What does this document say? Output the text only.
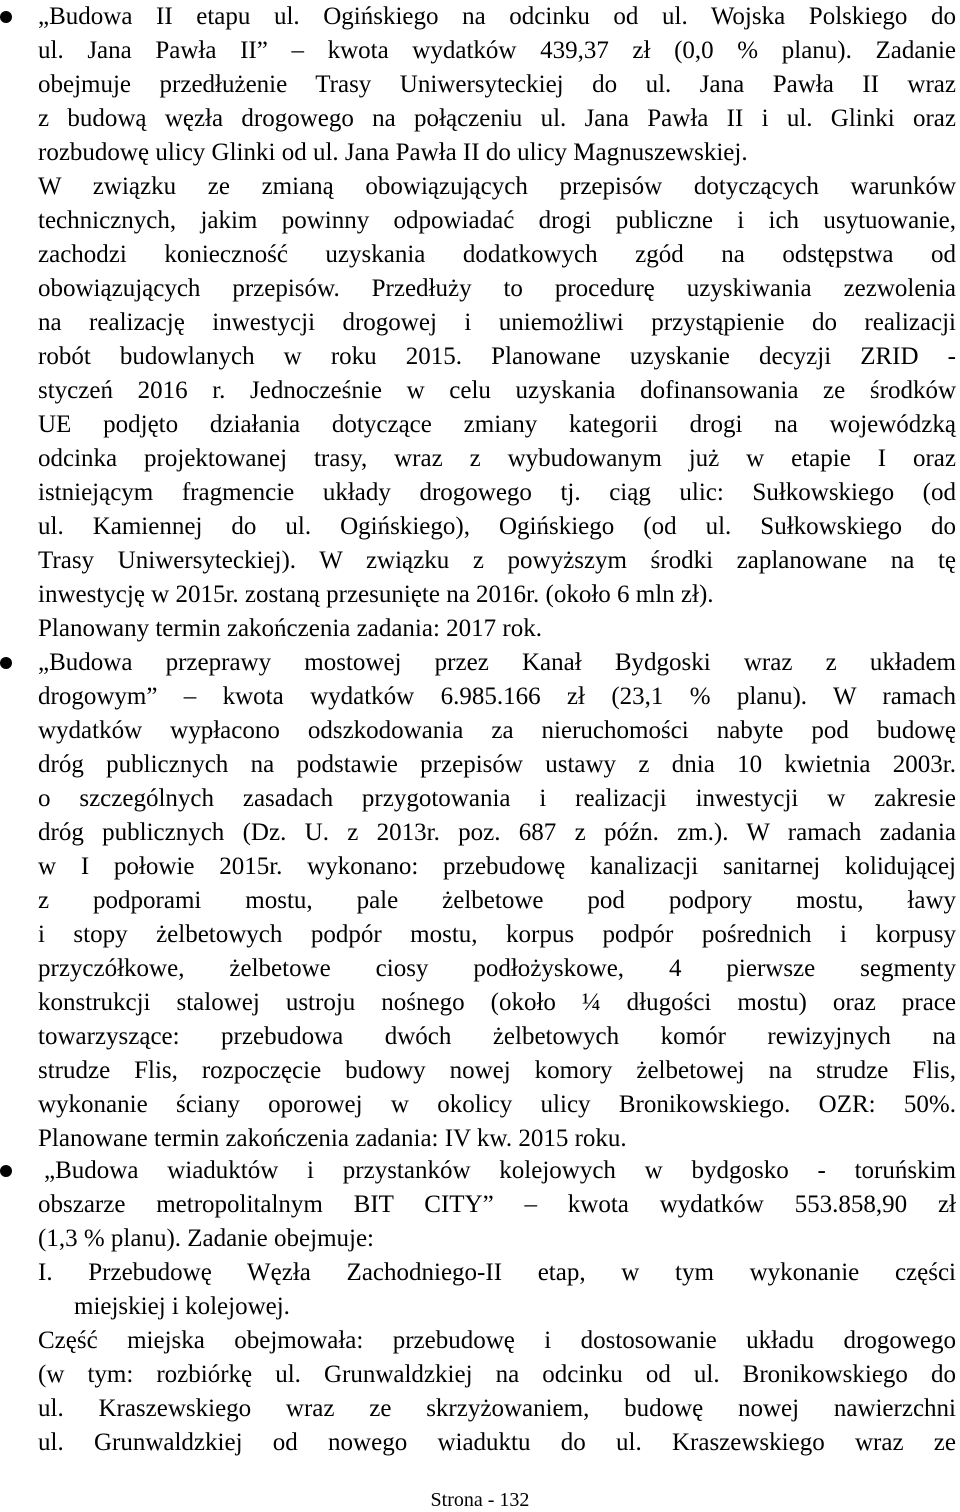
„Budowa II etapu ul. Ogińskiego na odcinku od ul. Wojska Polskiego do
ul. Jana Pawła II” – kwota wydatków 439,37 zł (0,0 % planu). Zadanie
obejmuje przedłużenie Trasy Uniwersyteckiej do ul. Jana Pawła II wraz
z budową węzła drogowego na połączeniu ul. Jana Pawła II i ul. Glinki oraz
rozbudowę ulicy Glinki od ul. Jana Pawła II do ulicy Magnuszewskiej.
W związku ze zmianą obowiązujących przepisów dotyczących warunków
technicznych, jakim powinny odpowiadać drogi publiczne i ich usytuowanie,
zachodzi konieczność uzyskania dodatkowych zgód na odstępstwa od
obowiązujących przepisów. Przedłuży to procedurę uzyskiwania zezwolenia
na realizację inwestycji drogowej i uniemożliwi przystąpienie do realizacji
robót budowlanych w roku 2015. Planowane uzyskanie decyzji ZRID -
styczeń 2016 r. Jednocześnie w celu uzyskania dofinansowania ze środków
UE podjęto działania dotyczące zmiany kategorii drogi na wojewódzką
odcinka projektowanej trasy, wraz z wybudowanym już w etapie I oraz
istniejącym fragmencie układy drogowego tj. ciąg ulic: Sułkowskiego (od
ul. Kamiennej do ul. Ogińskiego), Ogińskiego (od ul. Sułkowskiego do
Trasy Uniwersyteckiej). W związku z powyższym środki zaplanowane na tę
inwestycję w 2015r. zostaną przesunięte na 2016r. (około 6 mln zł).
Planowany termin zakończenia zadania: 2017 rok.
„Budowa przeprawy mostowej przez Kanał Bydgoski wraz z układem
drogowym” – kwota wydatków 6.985.166 zł (23,1 % planu). W ramach
wydatków wypłacono odszkodowania za nieruchomości nabyte pod budowę
dróg publicznych na podstawie przepisów ustawy z dnia 10 kwietnia 2003r.
o szczególnych zasadach przygotowania i realizacji inwestycji w zakresie
dróg publicznych (Dz. U. z 2013r. poz. 687 z późn. zm.). W ramach zadania
w I połowie 2015r. wykonano: przebudowę kanalizacji sanitarnej kolidującej
z podporami mostu, pale żelbetowe pod podpory mostu, ławy
i stopy żelbetowych podpór mostu, korpus podpór pośrednich i korpusy
przyczółkowe, żelbetowe ciosy podłożyskowe, 4 pierwsze segmenty
konstrukcji stalowej ustroju nośnego (około ¼ długości mostu) oraz prace
towarzyszące: przebudowa dwóch żelbetowych komór rewizyjnych na
strudze Flis, rozpoczęcie budowy nowej komory żelbetowej na strudze Flis,
wykonanie ściany oporowej w okolicy ulicy Bronikowskiego. OZR: 50%.
Planowane termin zakończenia zadania: IV kw. 2015 roku.
„Budowa wiaduktów i przystanków kolejowych w bydgosko - toruńskim
obszarze metropolitalnym BIT CITY” – kwota wydatków 553.858,90 zł
(1,3 % planu). Zadanie obejmuje:
I. Przebudowę Węzła Zachodniego-II etap, w tym wykonanie części
miejskiej i kolejowej.
Część miejska obejmowała: przebudowę i dostosowanie układu drogowego
(w tym: rozbiórkę ul. Grunwaldzkiej na odcinku od ul. Bronikowskiego do
ul. Kraszewskiego wraz ze skrzyżowaniem, budowę nowej nawierzchni
ul. Grunwaldzkiej od nowego wiaduktu do ul. Kraszewskiego wraz ze
Strona - 132
